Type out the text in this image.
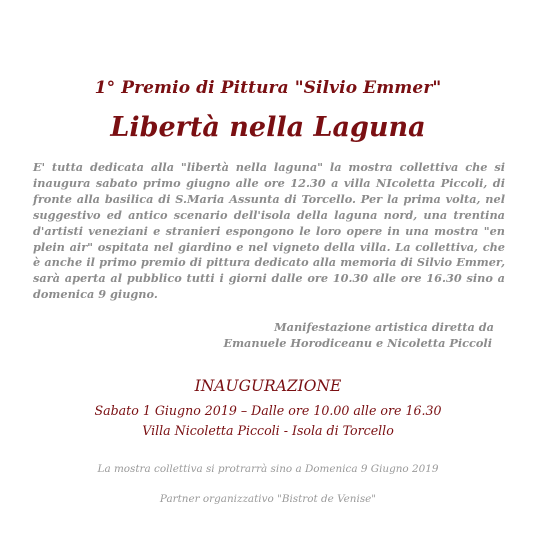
1° Premio di Pittura "Silvio Emmer"
Libertà nella Laguna

E' tutta dedicata alla "libertà nella laguna" la mostra collettiva che si inaugura sabato primo giugno alle ore 12.30 a villa NIcoletta Piccoli, di fronte alla basilica di S.Maria Assunta di Torcello. Per la prima volta, nel suggestivo ed antico scenario dell'isola della laguna nord, una trentina d'artisti veneziani e stranieri espongono le loro opere in una mostra "en plein air" ospitata nel giardino e nel vigneto della villa. La collettiva, che è anche il primo premio di pittura dedicato alla memoria di Silvio Emmer, sarà aperta al pubblico tutti i giorni dalle ore 10.30 alle ore 16.30 sino a domenica 9 giugno.

Manifestazione artistica diretta da
Emanuele Horodiceanu e Nicoletta Piccoli
INAUGURAZIONE
Sabato 1 Giugno 2019 – Dalle ore 10.00 alle ore 16.30
Villa Nicoletta Piccoli - Isola di Torcello
La mostra collettiva si protrarrà sino a Domenica 9 Giugno 2019
Partner organizzativo "Bistrot de Venise"
